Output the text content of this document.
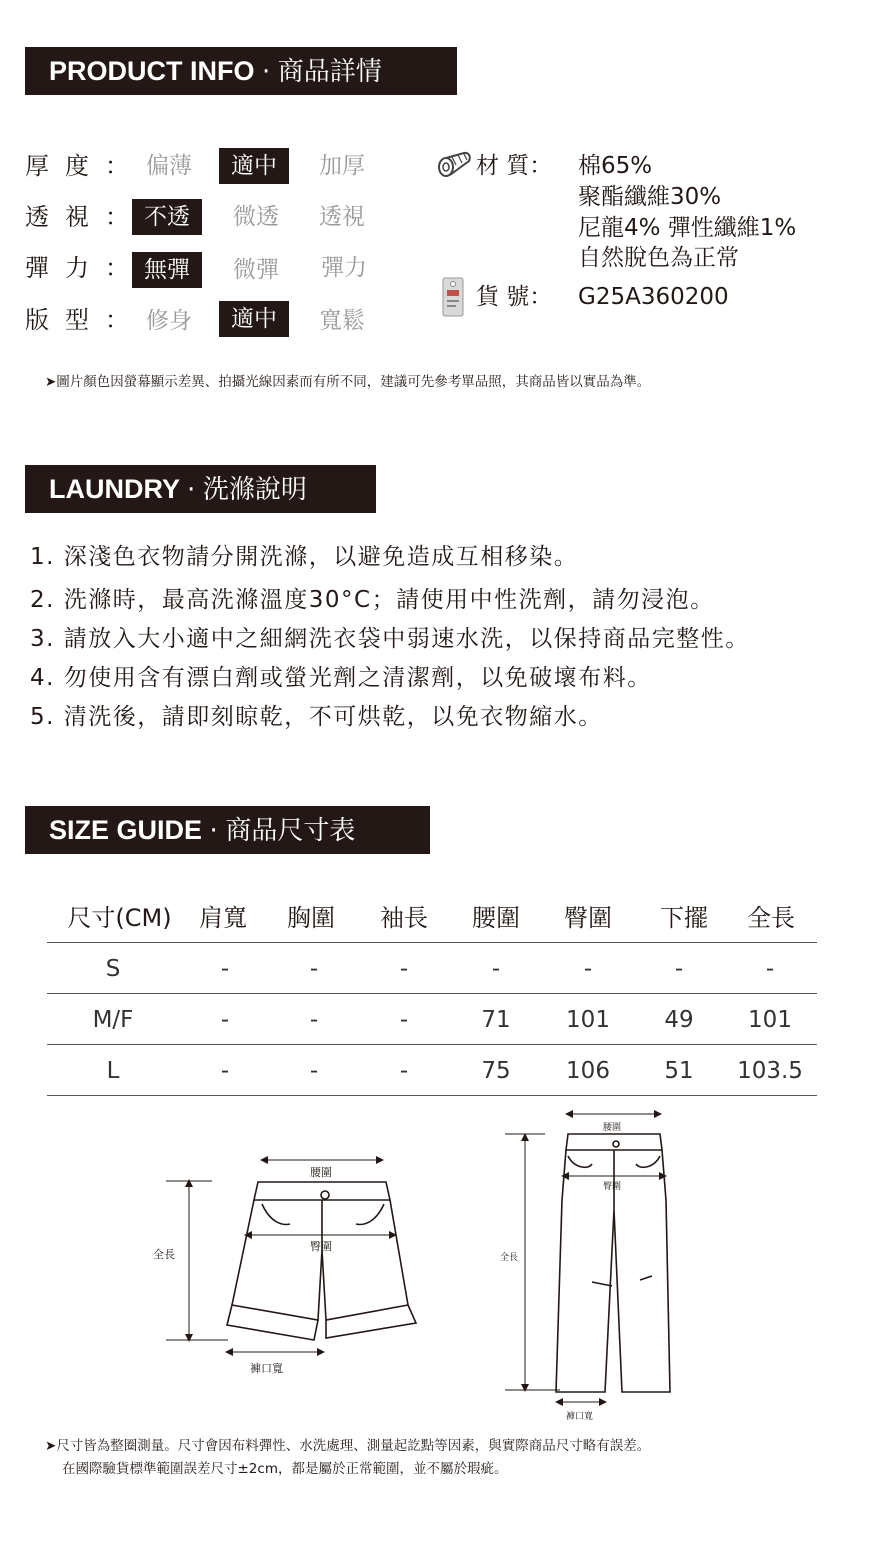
PRODUCT INFO · 商品詳情
厚度： 偏薄	適中	加厚
透視： 不透	微透	透視
彈力： 無彈	微彈	彈力
版型： 修身	適中	寬鬆
材 質： 棉65%
聚酯纖維30%
尼龍4% 彈性纖維1%
自然脫色為正常
貨 號： G25A360200
➤圖片顏色因螢幕顯示差異、拍攝光線因素而有所不同，建議可先參考單品照，其商品皆以實品為準。
LAUNDRY · 洗滌說明
1. 深淺色衣物請分開洗滌，以避免造成互相移染。
2. 洗滌時，最高洗滌溫度30°C；請使用中性洗劑，請勿浸泡。
3. 請放入大小適中之細網洗衣袋中弱速水洗，以保持商品完整性。
4. 勿使用含有漂白劑或螢光劑之清潔劑，以免破壞布料。
5. 清洗後，請即刻晾乾，不可烘乾，以免衣物縮水。
SIZE GUIDE · 商品尺寸表
尺寸(CM)	肩寬	胸圍	袖長	腰圍	臀圍	下擺	全長
S	-	-	-	-	-	-	-
M/F	-	-	-	71	101	49	101
L	-	-	-	75	106	51	103.5
腰圍
臀圍
全長
褲口寬
腰圍
臀圍
全長
褲口寬
➤尺寸皆為整圈測量。尺寸會因布料彈性、水洗處理、測量起訖點等因素，與實際商品尺寸略有誤差。
在國際驗貨標準範圍誤差尺寸±2cm，都是屬於正常範圍，並不屬於瑕疵。
